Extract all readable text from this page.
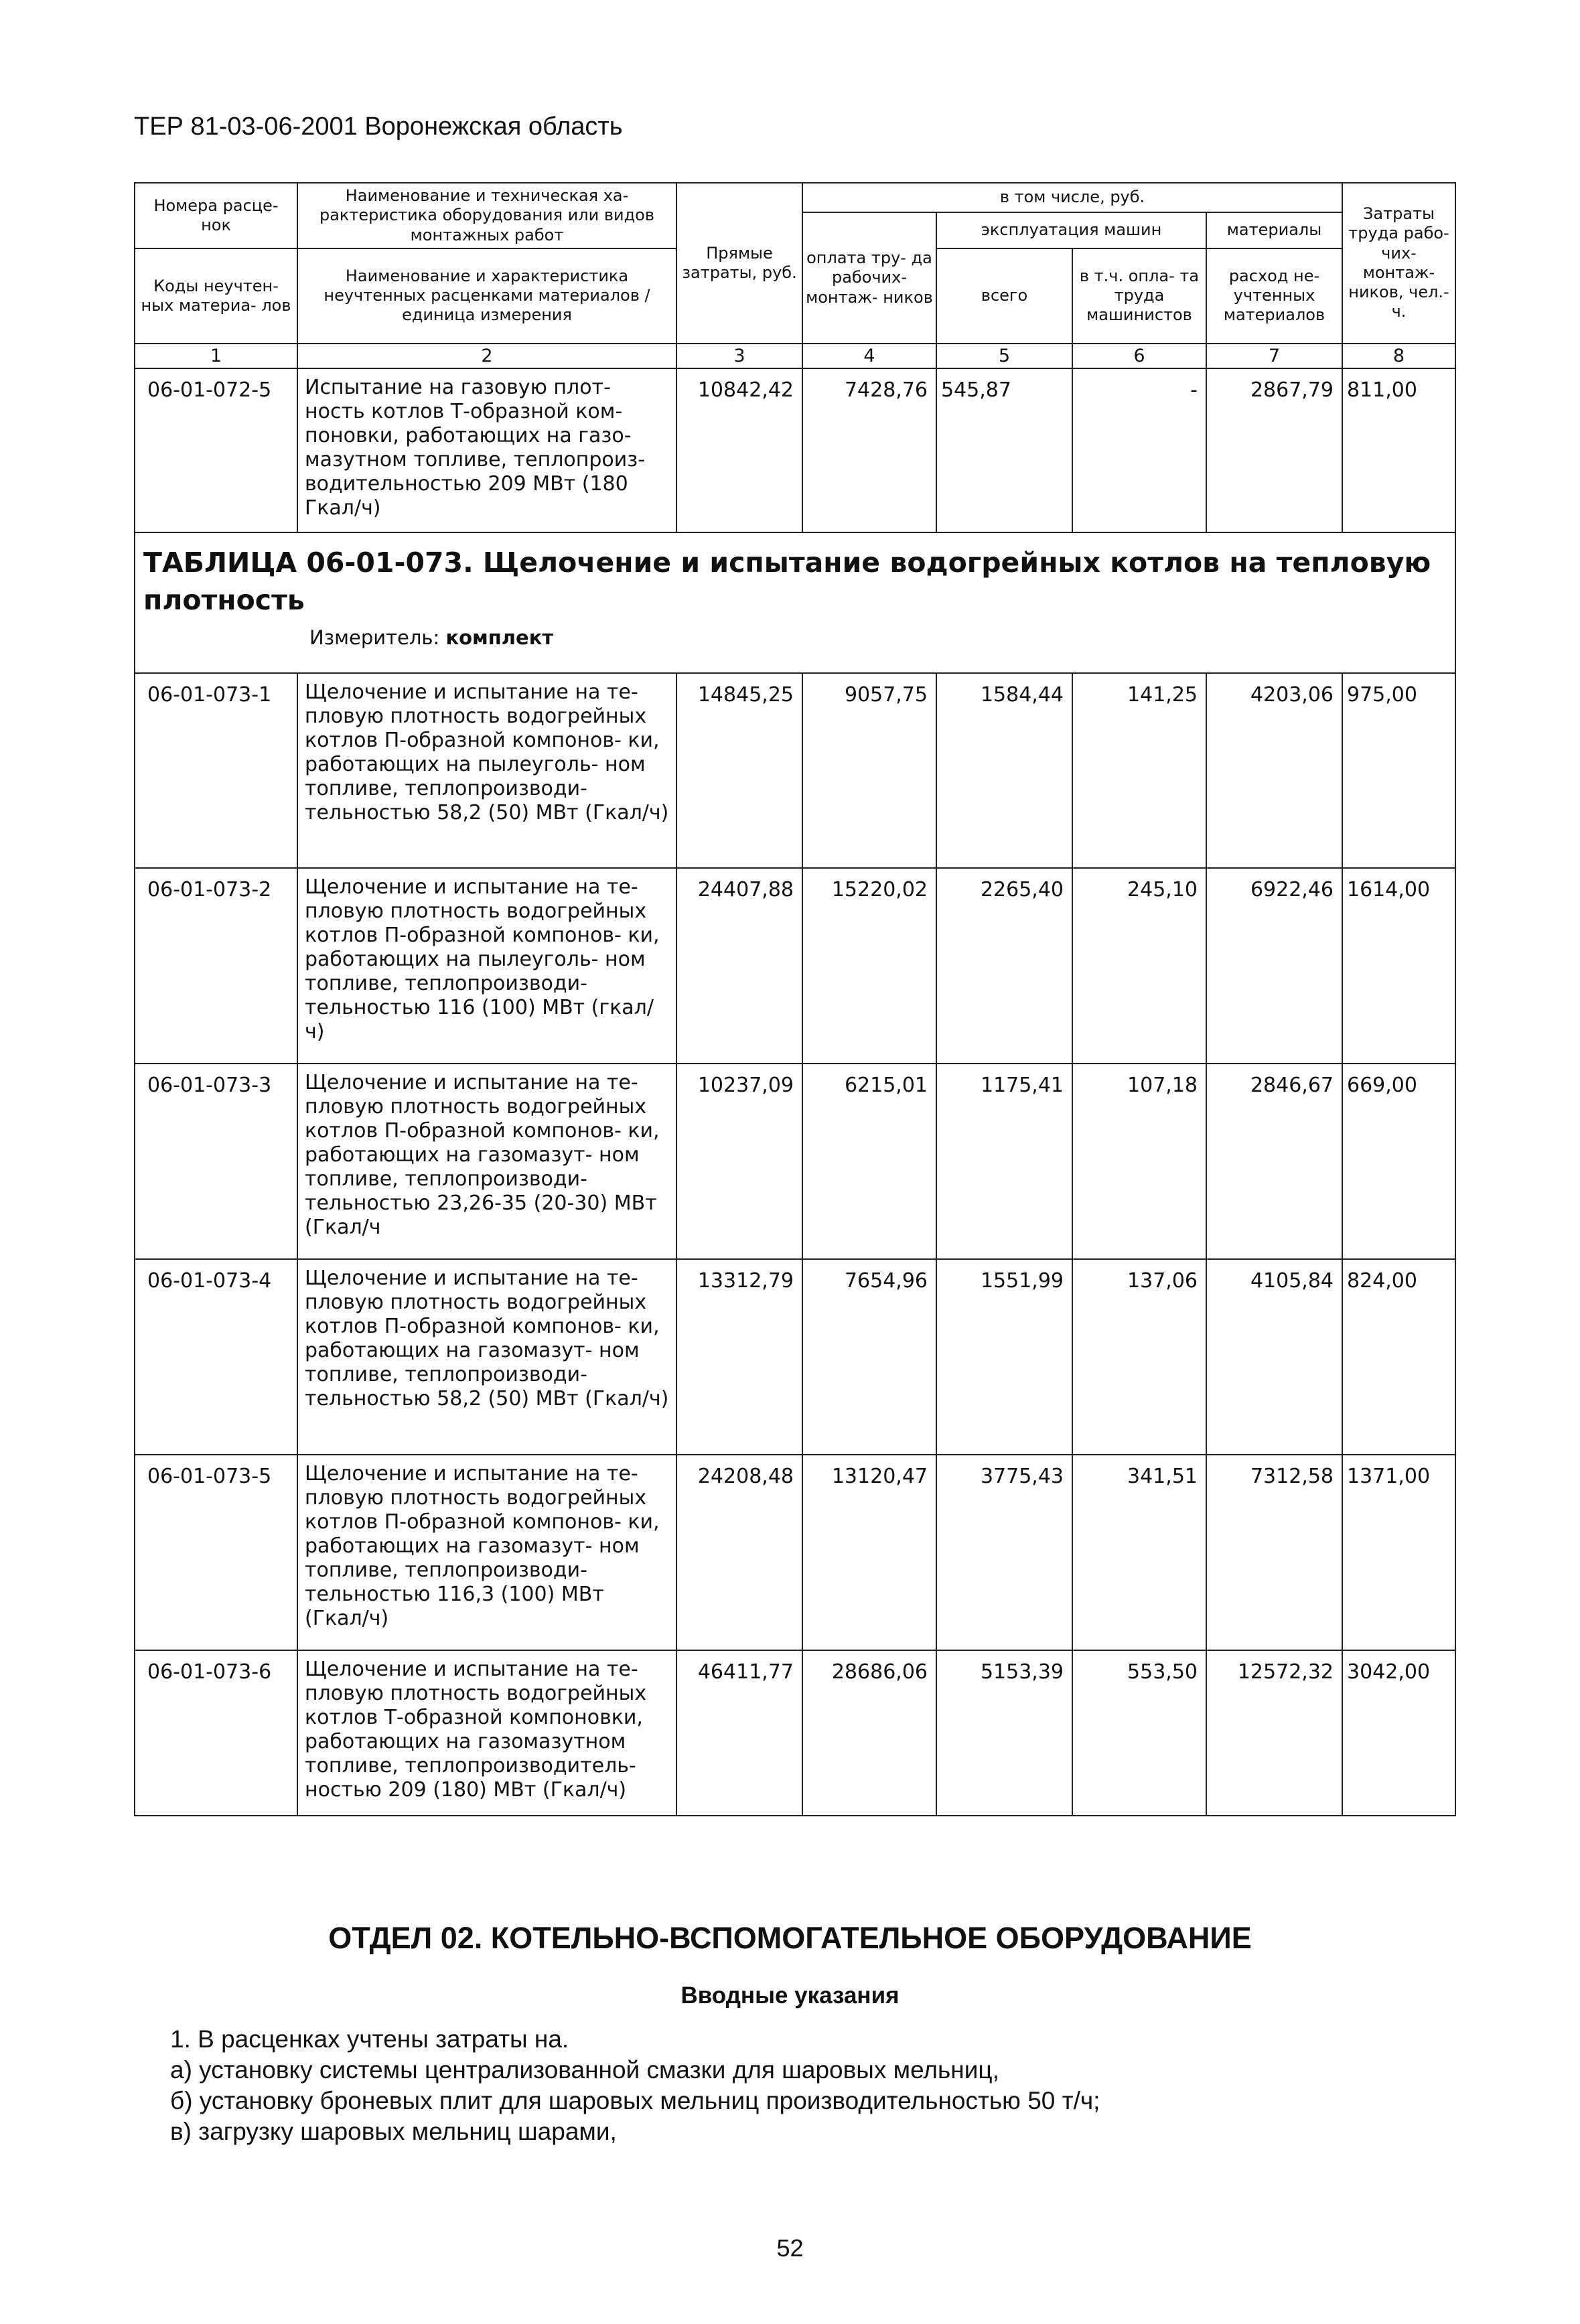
ТЕР 81-03-06-2001 Воронежская область
Номера расце- нок	Наименование и техническая ха- рактеристика оборудования или видов монтажных работ	Прямые затраты, руб.	в том числе, руб.				Затраты труда рабо- чих- монтаж- ников, чел.-ч.
			оплата тру- да рабочих- монтаж- ников	эксплуатация машин		материалы	
Коды неучтен- ных материа- лов	Наименование и характеристика неучтенных расценками материалов / единица измерения			всего	в т.ч. опла- та труда машинистов	расход не- учтенных материалов	

1	2	3	4	5	6	7	8
06-01-072-5	Испытание на газовую плот- ность котлов Т-образной ком- поновки, работающих на газо- мазутном топливе, теплопроиз- водительностью 209 МВт (180 Гкал/ч)	10842,42	7428,76	545,87	-	2867,79	811,00

ТАБЛИЦА 06-01-073. Щелочение и испытание водогрейных котлов на тепловую плотность
Измеритель: комплект							

06-01-073-1	Щелочение и испытание на те- пловую плотность водогрейных котлов П-образной компонов- ки, работающих на пылеуголь- ном топливе, теплопроизводи- тельностью 58,2 (50) МВт (Гкал/ч)	14845,25	9057,75	1584,44	141,25	4203,06	975,00
06-01-073-2	Щелочение и испытание на те- пловую плотность водогрейных котлов П-образной компонов- ки, работающих на пылеуголь- ном топливе, теплопроизводи- тельностью 116 (100) МВт (гкал/ч)	24407,88	15220,02	2265,40	245,10	6922,46	1614,00
06-01-073-3	Щелочение и испытание на те- пловую плотность водогрейных котлов П-образной компонов- ки, работающих на газомазут- ном топливе, теплопроизводи- тельностью 23,26-35 (20-30) МВт (Гкал/ч	10237,09	6215,01	1175,41	107,18	2846,67	669,00
06-01-073-4	Щелочение и испытание на те- пловую плотность водогрейных котлов П-образной компонов- ки, работающих на газомазут- ном топливе, теплопроизводи- тельностью 58,2 (50) МВт (Гкал/ч)	13312,79	7654,96	1551,99	137,06	4105,84	824,00
06-01-073-5	Щелочение и испытание на те- пловую плотность водогрейных котлов П-образной компонов- ки, работающих на газомазут- ном топливе, теплопроизводи- тельностью 116,3 (100) МВт (Гкал/ч)	24208,48	13120,47	3775,43	341,51	7312,58	1371,00
06-01-073-6	Щелочение и испытание на те- пловую плотность водогрейных котлов Т-образной компоновки, работающих на газомазутном топливе, теплопроизводитель- ностью 209 (180) МВт (Гкал/ч)	46411,77	28686,06	5153,39	553,50	12572,32	3042,00
ОТДЕЛ 02. КОТЕЛЬНО-ВСПОМОГАТЕЛЬНОЕ ОБОРУДОВАНИЕ
Вводные указания
1. В расценках учтены затраты на.
а) установку системы централизованной смазки для шаровых мельниц,
б) установку броневых плит для шаровых мельниц производительностью 50 т/ч;
в) загрузку шаровых мельниц шарами,
52
